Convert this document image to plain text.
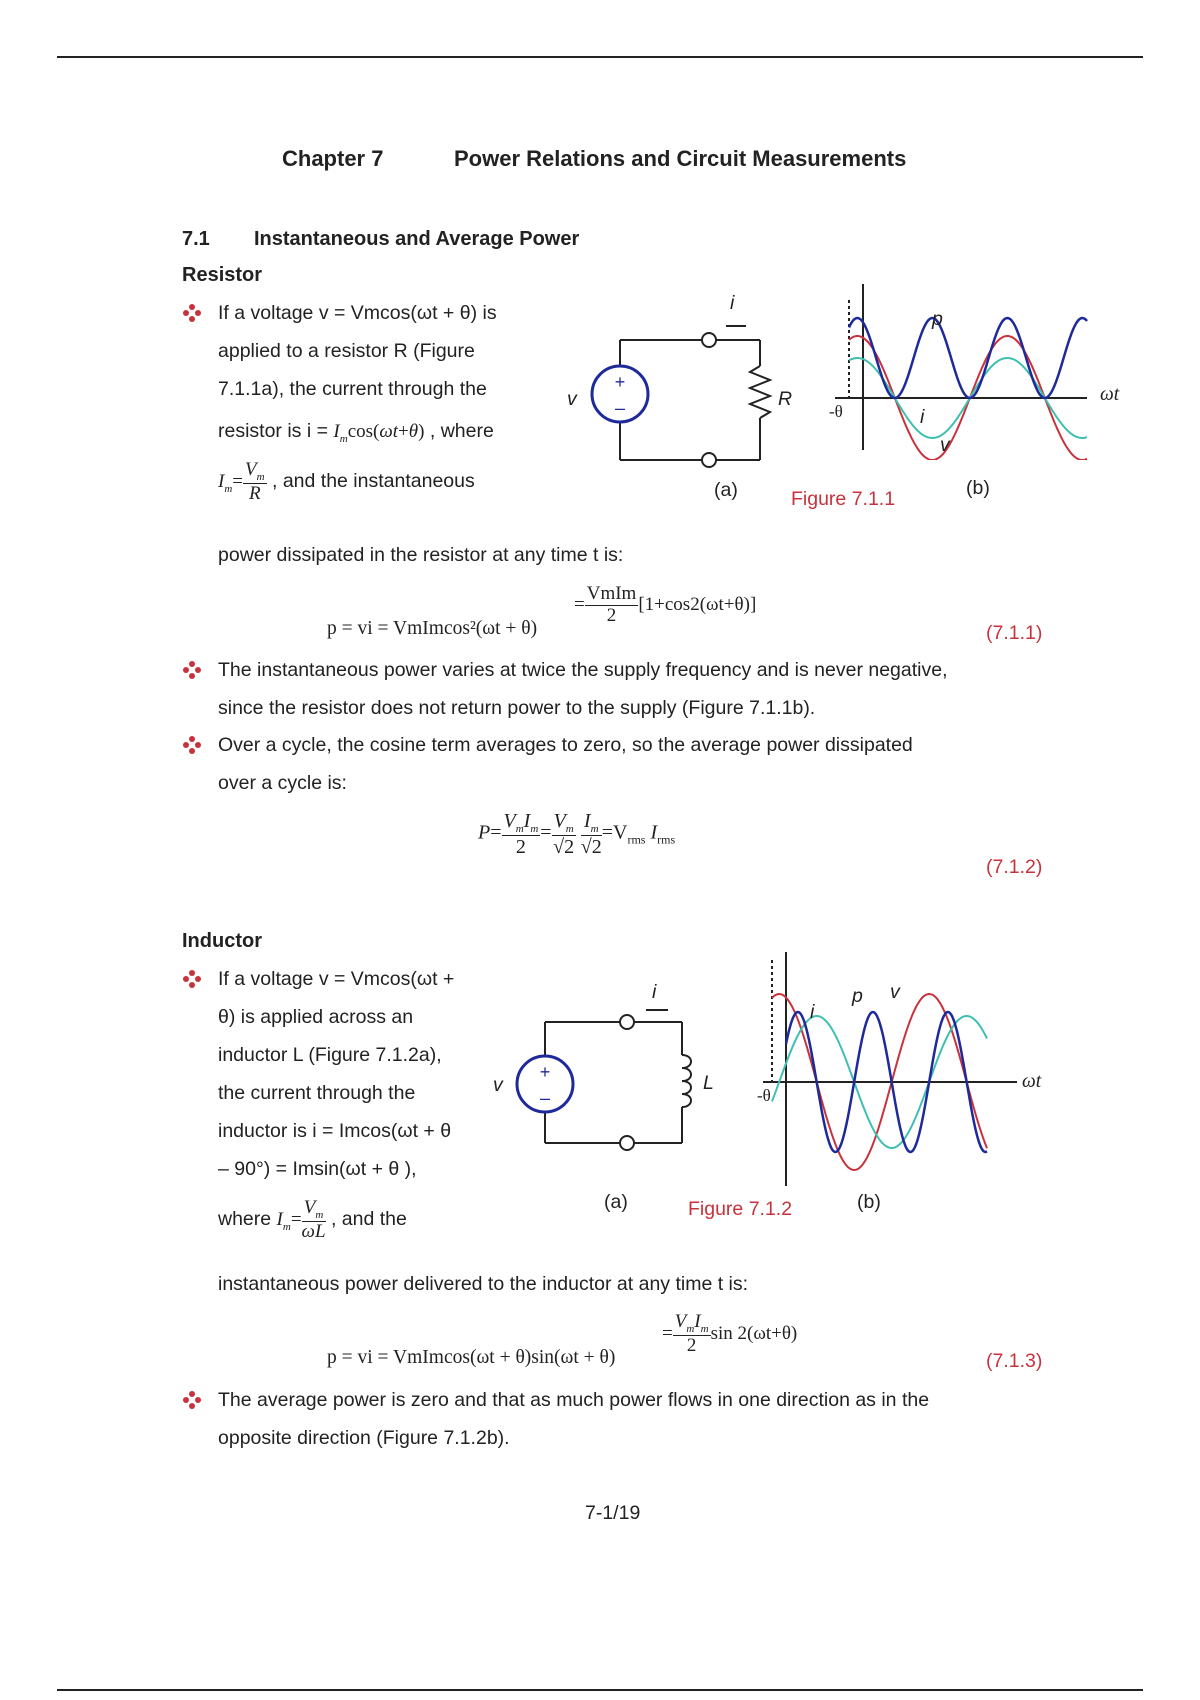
Chapter 7	Power Relations and Circuit Measurements
7.1 Instantaneous and Average Power
Resistor
If a voltage v = Vmcos(ωt + θ) is
applied to a resistor R (Figure
7.1.1a), the current through the
resistor is $i = I_m\cos(\omega t+\theta)$ , where
$I_m= \frac{V_m}{R}$ , and the instantaneous
power dissipated in the resistor at any time t is:
p = vi = VmImcos²(ωt + θ)
= $\frac{\text{VmIm}}{2} [1+\cos 2(\omega t+\theta)]$
(7.1.1)
The instantaneous power varies at twice the supply frequency and is never negative,
since the resistor does not return power to the supply (Figure 7.1.1b).
Over a cycle, the cosine term averages to zero, so the average power dissipated
over a cycle is:
$P= \frac{V_mI_m}{2} = \frac{V_m}{√2}$
$\frac{I_m}{√2} =V_{rms}$ $I_{rms}$
(7.1.2)
+
–
i
v	R
(a)	Figure 7.1.1	(b)
p
i
v
-θ
ωt
Inductor
If a voltage v = Vmcos(ωt +
θ) is applied across an
inductor L (Figure 7.1.2a),
the current through the
inductor is i = Imcos(ωt + θ
– 90°) = Imsin(ωt + θ ),
where $I_m= \frac{V_m}{\omega L}$ , and the
instantaneous power delivered to the inductor at any time t is:
p = vi = VmImcos(ωt + θ)sin(ωt + θ)
= $\frac{V_mI_m}{2}$ sin 2(ωt+θ)
(7.1.3)
The average power is zero and that as much power flows in one direction as in the
opposite direction (Figure 7.1.2b).
+
–
i
v	L
(a)	Figure 7.1.2	(b)
p v
i
-θ
ωt
7-1/19
